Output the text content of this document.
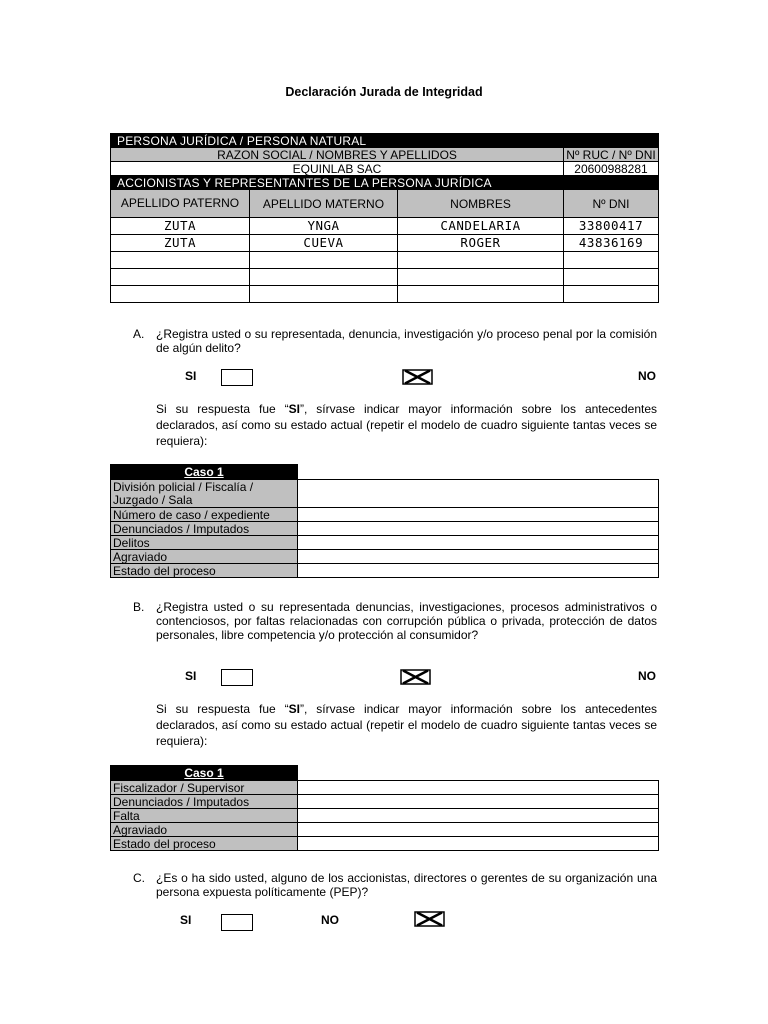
Declaración Jurada de Integridad
PERSONA JURÍDICA / PERSONA NATURAL			
RAZON SOCIAL / NOMBRES Y APELLIDOS			Nº RUC / Nº DNI
EQUINLAB SAC			20600988281
ACCIONISTAS Y REPRESENTANTES DE LA PERSONA JURÍDICA			
APELLIDO PATERNO	APELLIDO MATERNO	NOMBRES	Nº DNI
ZUTA	YNGA	CANDELARIA	33800417
ZUTA	CUEVA	ROGER	43836169

A. ¿Registra usted o su representada, denuncia, investigación y/o proceso penal por la comisión de algún delito?
SI	NO
Si su respuesta fue “SI”, sírvase indicar mayor información sobre los antecedentes declarados, así como su estado actual (repetir el modelo de cuadro siguiente tantas veces se requiera):
Caso 1	
División policial / Fiscalía / Juzgado / Sala	
Número de caso / expediente	
Denunciados / Imputados	
Delitos	
Agraviado	
Estado del proceso	
B. ¿Registra usted o su representada denuncias, investigaciones, procesos administrativos o contenciosos, por faltas relacionadas con corrupción pública o privada, protección de datos personales, libre competencia y/o protección al consumidor?
SI	NO
Si su respuesta fue “SI”, sírvase indicar mayor información sobre los antecedentes declarados, así como su estado actual (repetir el modelo de cuadro siguiente tantas veces se requiera):
Caso 1	
Fiscalizador / Supervisor	
Denunciados / Imputados	
Falta	
Agraviado	
Estado del proceso	
C. ¿Es o ha sido usted, alguno de los accionistas, directores o gerentes de su organización una persona expuesta políticamente (PEP)?
SI	NO
